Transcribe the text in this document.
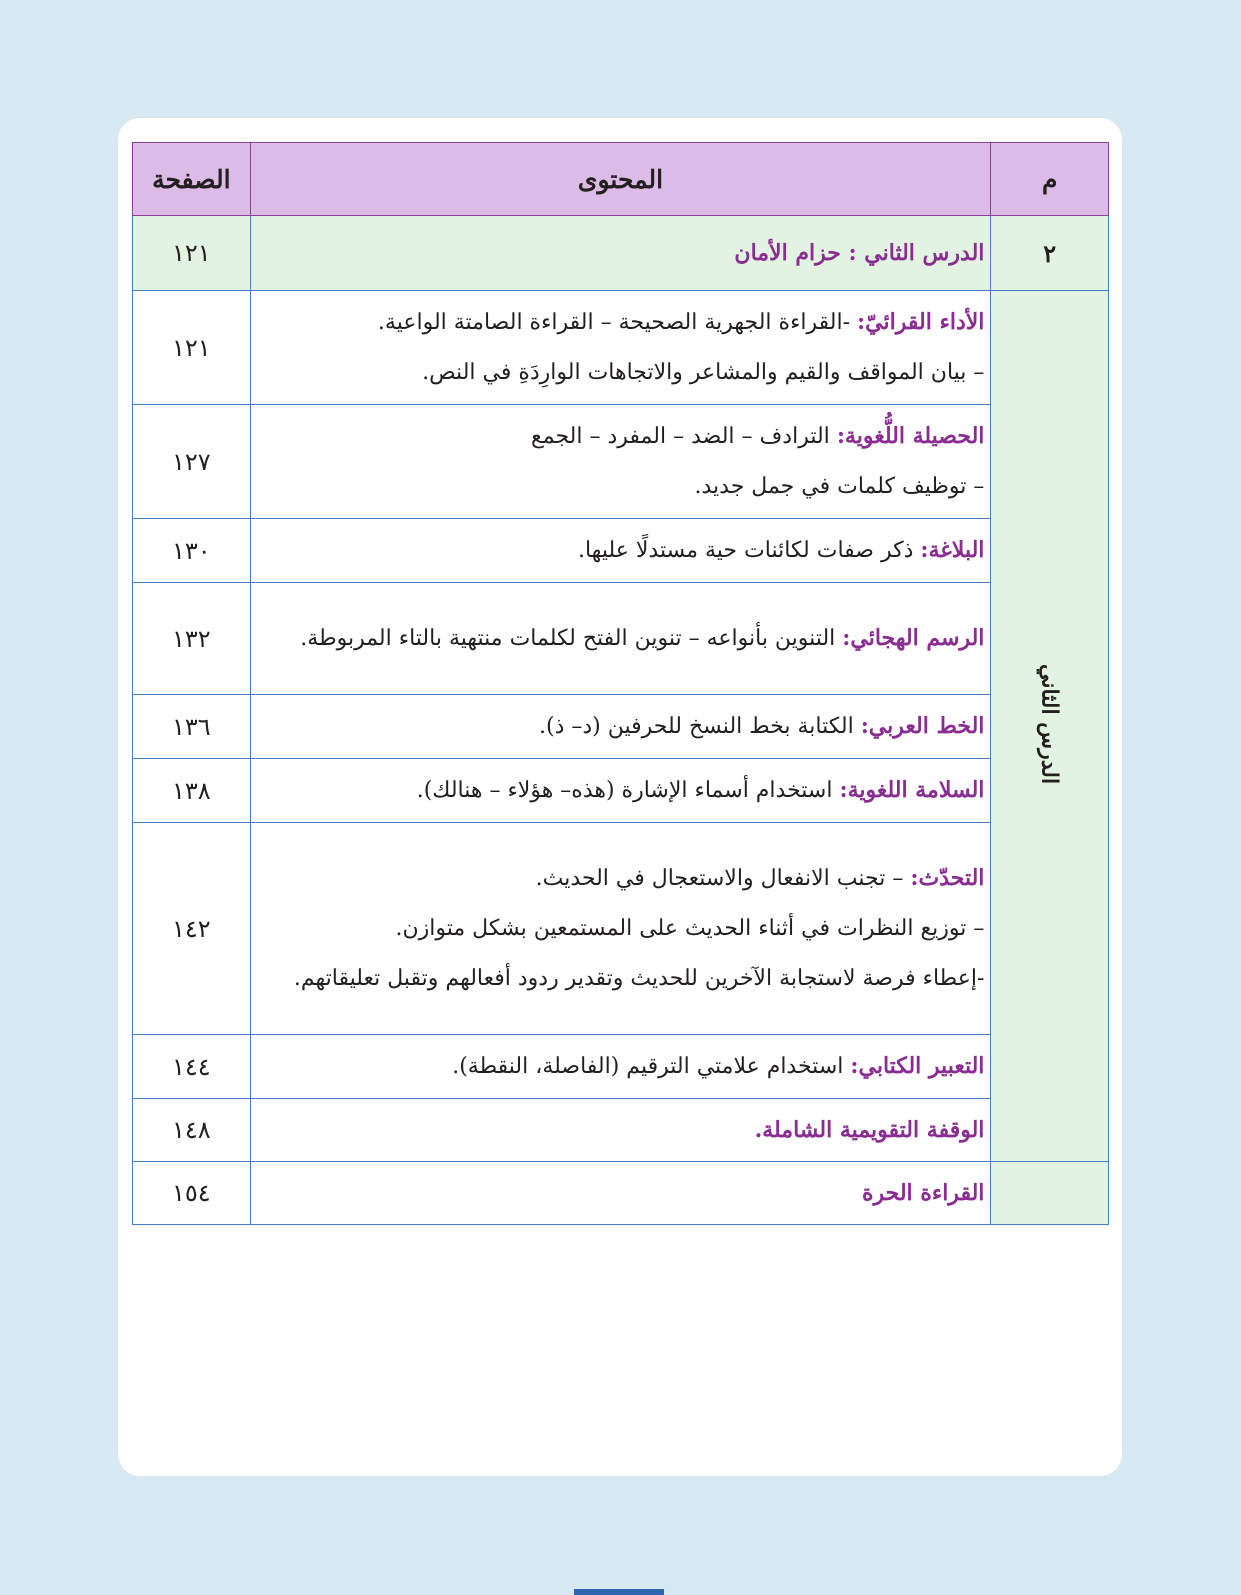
م	المحتوى	الصفحة
٢	الدرس الثاني : حزام الأمان	١٢١
الدرس الثاني	الأداء القرائيّ: -القراءة الجهرية الصحيحة – القراءة الصامتة الواعية.
– بيان المواقف والقيم والمشاعر والاتجاهات الوارِدَةِ في النص.	١٢١

	الحصيلة اللُّغوية: الترادف – الضد – المفرد – الجمع
– توظيف كلمات في جمل جديد.	١٢٧

	البلاغة: ذكر صفات لكائنات حية مستدلًا عليها.	١٣٠
	الرسم الهجائي: التنوين بأنواعه – تنوين الفتح لكلمات منتهية بالتاء المربوطة.	١٣٢

	الخط العربي: الكتابة بخط النسخ للحرفين (د– ذ).	١٣٦

	السلامة اللغوية: استخدام أسماء الإشارة (هذه– هؤلاء – هنالك).	١٣٨

	التحدّث: – تجنب الانفعال والاستعجال في الحديث.
– توزيع النظرات في أثناء الحديث على المستمعين بشكل متوازن.
-إعطاء فرصة لاستجابة الآخرين للحديث وتقدير ردود أفعالهم وتقبل تعليقاتهم.	١٤٢

	التعبير الكتابي: استخدام علامتي الترقيم (الفاصلة، النقطة).	١٤٤

	الوقفة التقويمية الشاملة.	١٤٨

	القراءة الحرة	١٥٤
